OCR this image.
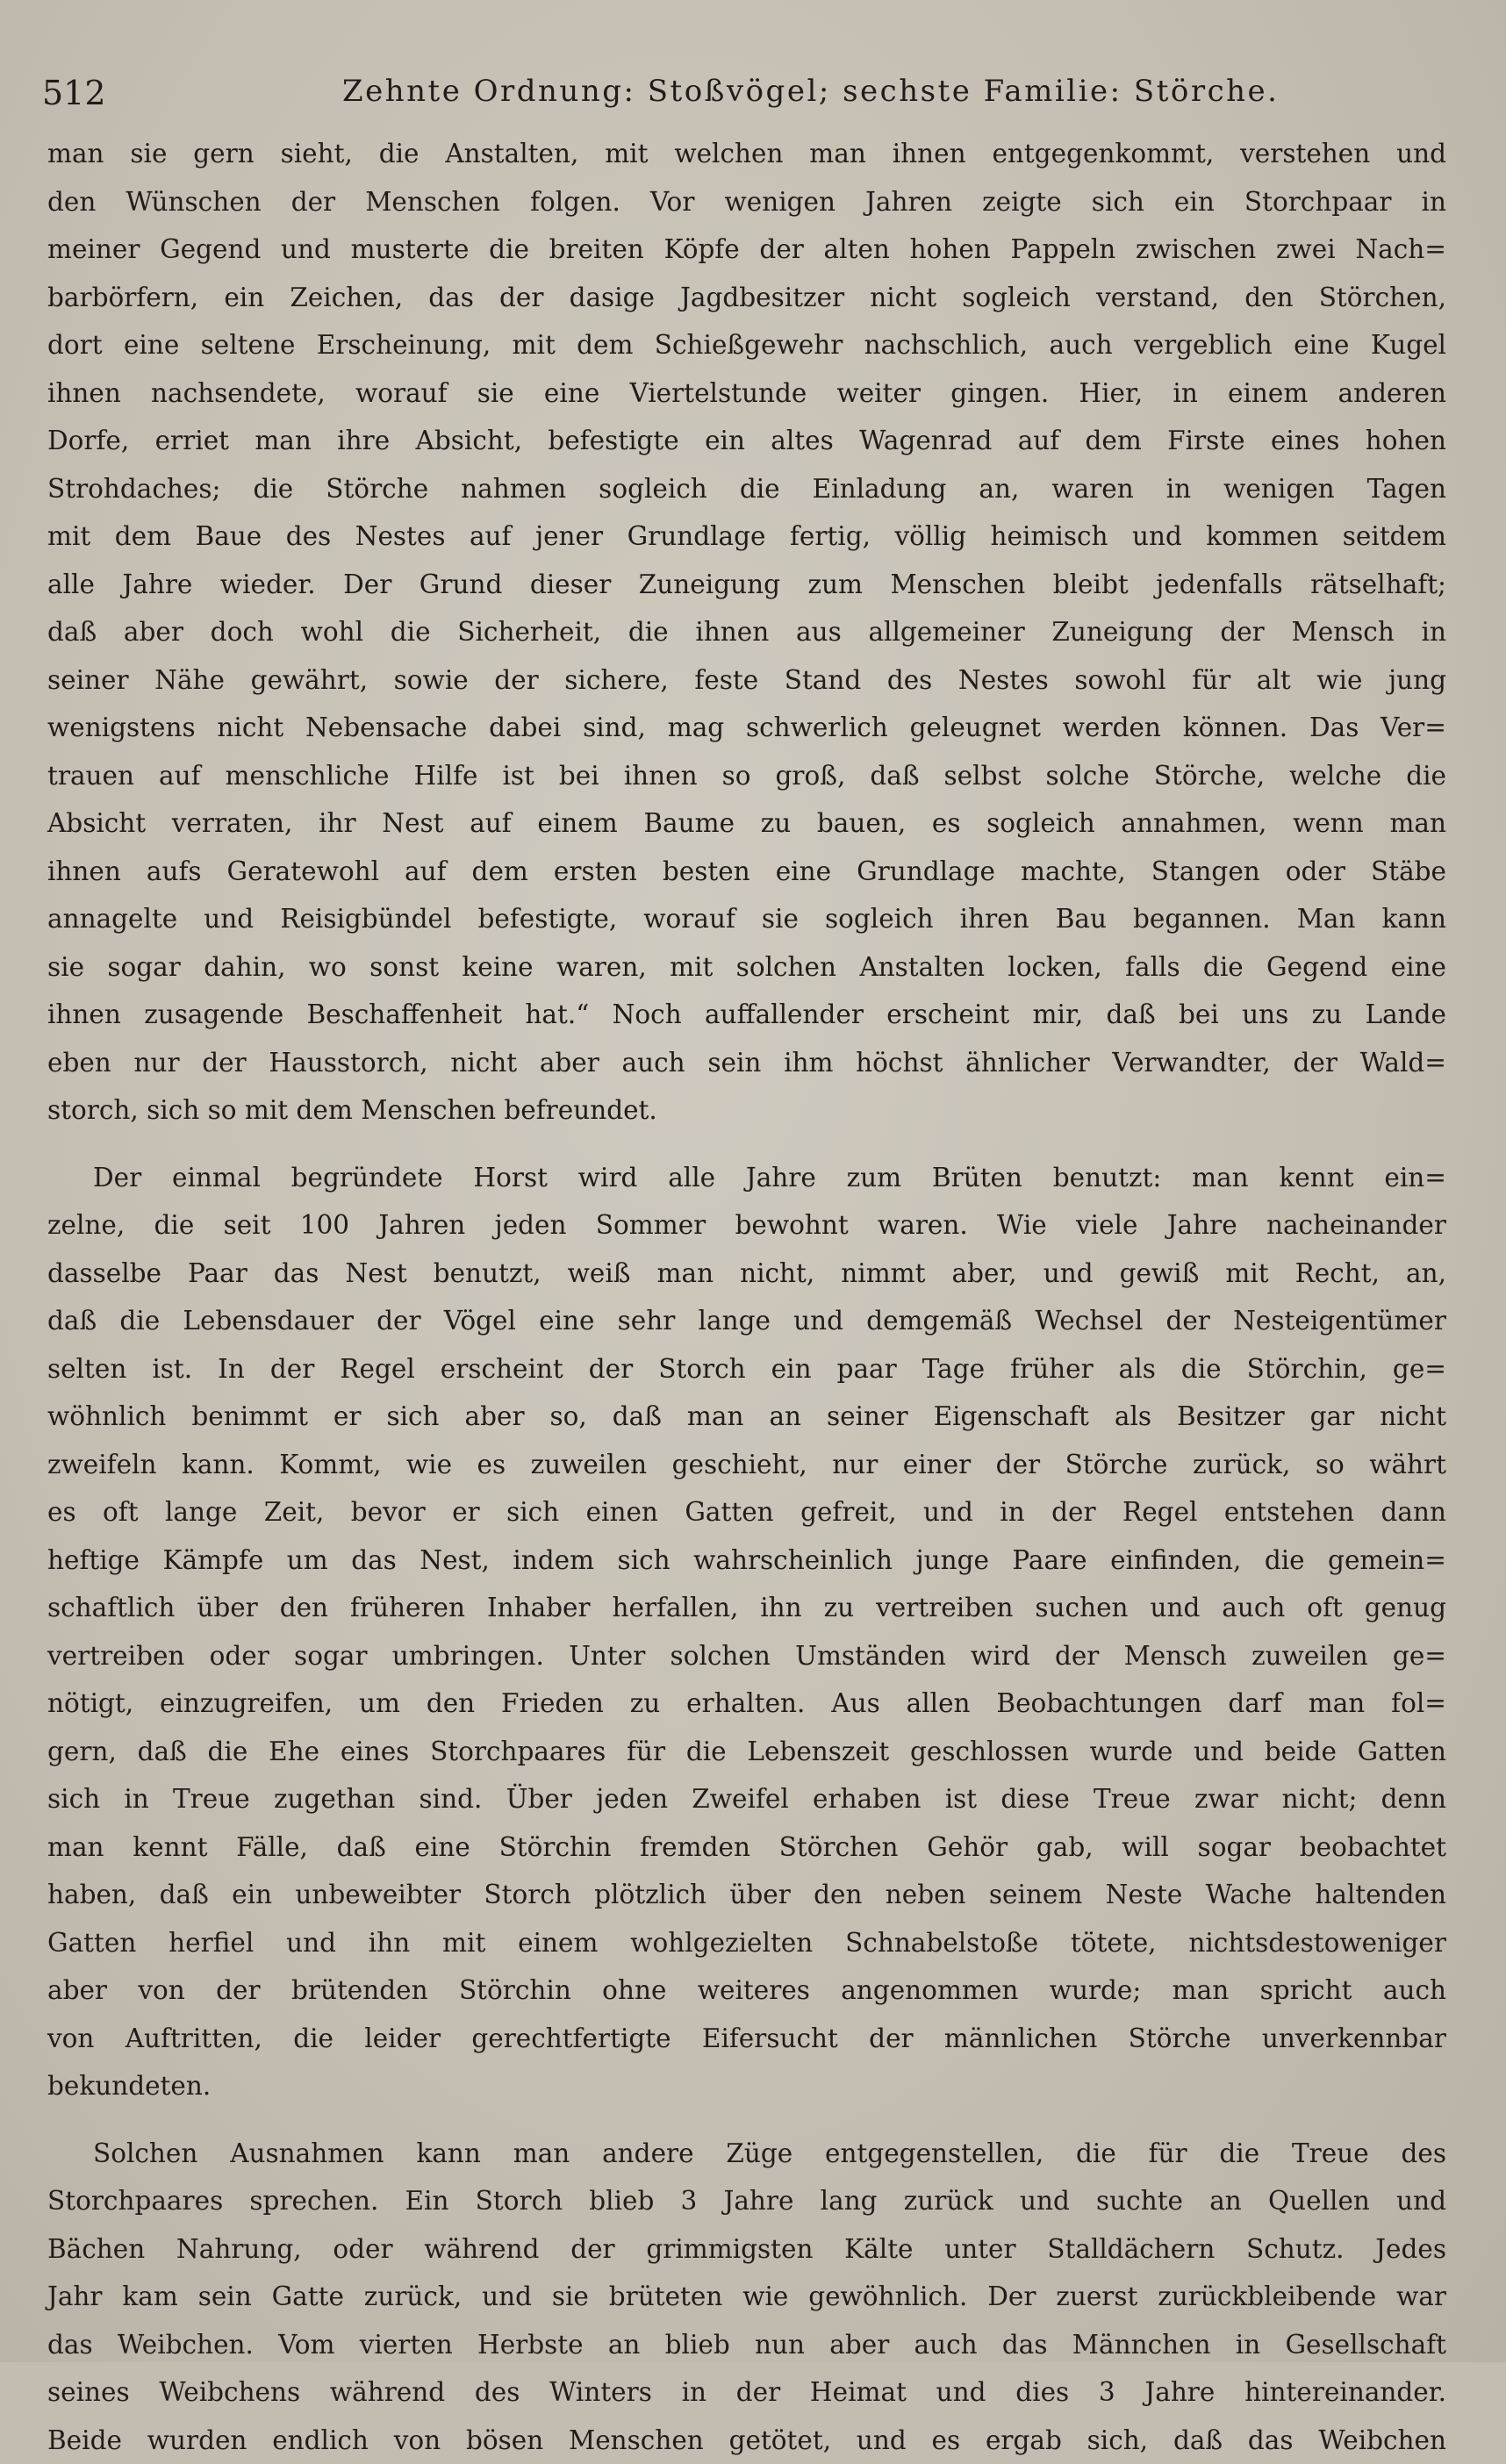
512	Zehnte Ordnung: Stoßvögel; sechste Familie: Störche.
man sie gern sieht, die Anstalten, mit welchen man ihnen entgegenkommt, verstehen und
den Wünschen der Menschen folgen. Vor wenigen Jahren zeigte sich ein Storchpaar in
meiner Gegend und musterte die breiten Köpfe der alten hohen Pappeln zwischen zwei Nach=
barbörfern, ein Zeichen, das der dasige Jagdbesitzer nicht sogleich verstand, den Störchen,
dort eine seltene Erscheinung, mit dem Schießgewehr nachschlich, auch vergeblich eine Kugel
ihnen nachsendete, worauf sie eine Viertelstunde weiter gingen. Hier, in einem anderen
Dorfe, erriet man ihre Absicht, befestigte ein altes Wagenrad auf dem Firste eines hohen
Strohdaches; die Störche nahmen sogleich die Einladung an, waren in wenigen Tagen
mit dem Baue des Nestes auf jener Grundlage fertig, völlig heimisch und kommen seitdem
alle Jahre wieder. Der Grund dieser Zuneigung zum Menschen bleibt jedenfalls rätselhaft;
daß aber doch wohl die Sicherheit, die ihnen aus allgemeiner Zuneigung der Mensch in
seiner Nähe gewährt, sowie der sichere, feste Stand des Nestes sowohl für alt wie jung
wenigstens nicht Nebensache dabei sind, mag schwerlich geleugnet werden können. Das Ver=
trauen auf menschliche Hilfe ist bei ihnen so groß, daß selbst solche Störche, welche die
Absicht verraten, ihr Nest auf einem Baume zu bauen, es sogleich annahmen, wenn man
ihnen aufs Geratewohl auf dem ersten besten eine Grundlage machte, Stangen oder Stäbe
annagelte und Reisigbündel befestigte, worauf sie sogleich ihren Bau begannen. Man kann
sie sogar dahin, wo sonst keine waren, mit solchen Anstalten locken, falls die Gegend eine
ihnen zusagende Beschaffenheit hat.“ Noch auffallender erscheint mir, daß bei uns zu Lande
eben nur der Hausstorch, nicht aber auch sein ihm höchst ähnlicher Verwandter, der Wald=
storch, sich so mit dem Menschen befreundet.
Der einmal begründete Horst wird alle Jahre zum Brüten benutzt: man kennt ein=
zelne, die seit 100 Jahren jeden Sommer bewohnt waren. Wie viele Jahre nacheinander
dasselbe Paar das Nest benutzt, weiß man nicht, nimmt aber, und gewiß mit Recht, an,
daß die Lebensdauer der Vögel eine sehr lange und demgemäß Wechsel der Nesteigentümer
selten ist. In der Regel erscheint der Storch ein paar Tage früher als die Störchin, ge=
wöhnlich benimmt er sich aber so, daß man an seiner Eigenschaft als Besitzer gar nicht
zweifeln kann. Kommt, wie es zuweilen geschieht, nur einer der Störche zurück, so währt
es oft lange Zeit, bevor er sich einen Gatten gefreit, und in der Regel entstehen dann
heftige Kämpfe um das Nest, indem sich wahrscheinlich junge Paare einfinden, die gemein=
schaftlich über den früheren Inhaber herfallen, ihn zu vertreiben suchen und auch oft genug
vertreiben oder sogar umbringen. Unter solchen Umständen wird der Mensch zuweilen ge=
nötigt, einzugreifen, um den Frieden zu erhalten. Aus allen Beobachtungen darf man fol=
gern, daß die Ehe eines Storchpaares für die Lebenszeit geschlossen wurde und beide Gatten
sich in Treue zugethan sind. Über jeden Zweifel erhaben ist diese Treue zwar nicht; denn
man kennt Fälle, daß eine Störchin fremden Störchen Gehör gab, will sogar beobachtet
haben, daß ein unbeweibter Storch plötzlich über den neben seinem Neste Wache haltenden
Gatten herfiel und ihn mit einem wohlgezielten Schnabelstoße tötete, nichtsdestoweniger
aber von der brütenden Störchin ohne weiteres angenommen wurde; man spricht auch
von Auftritten, die leider gerechtfertigte Eifersucht der männlichen Störche unverkennbar
bekundeten.
Solchen Ausnahmen kann man andere Züge entgegenstellen, die für die Treue des
Storchpaares sprechen. Ein Storch blieb 3 Jahre lang zurück und suchte an Quellen und
Bächen Nahrung, oder während der grimmigsten Kälte unter Stalldächern Schutz. Jedes
Jahr kam sein Gatte zurück, und sie brüteten wie gewöhnlich. Der zuerst zurückbleibende war
das Weibchen. Vom vierten Herbste an blieb nun aber auch das Männchen in Gesellschaft
seines Weibchens während des Winters in der Heimat und dies 3 Jahre hintereinander.
Beide wurden endlich von bösen Menschen getötet, und es ergab sich, daß das Weibchen
